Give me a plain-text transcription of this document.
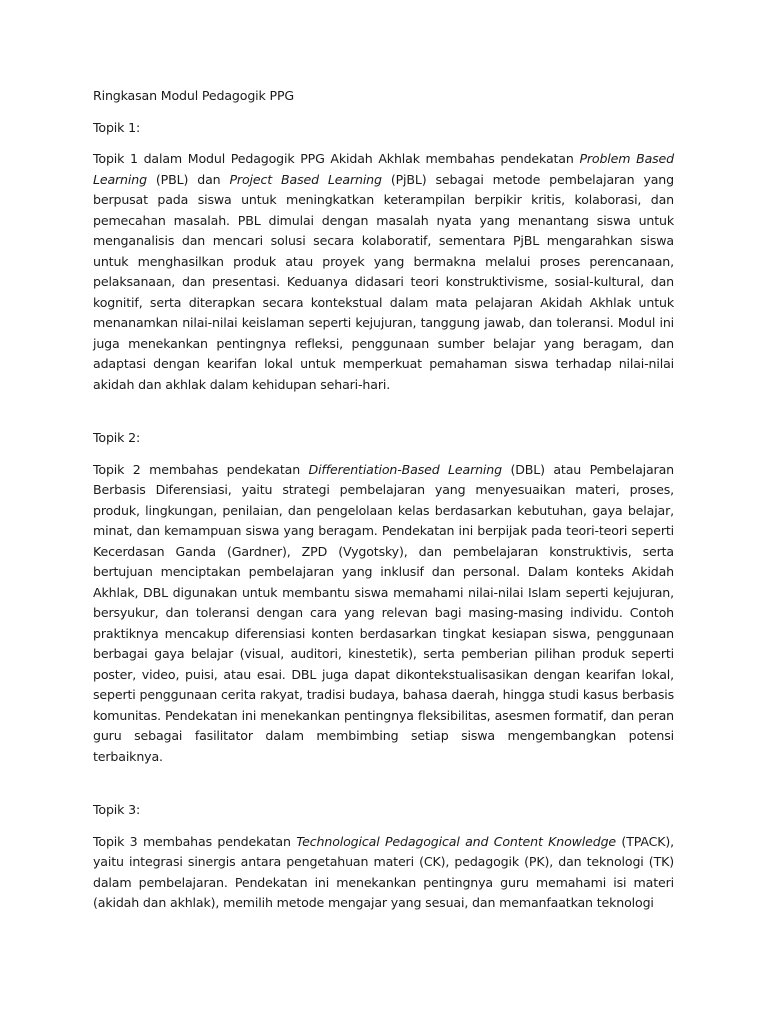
Ringkasan Modul Pedagogik PPG

Topik 1:

Topik 1 dalam Modul Pedagogik PPG Akidah Akhlak membahas pendekatan Problem Based Learning (PBL) dan Project Based Learning (PjBL) sebagai metode pembelajaran yang berpusat pada siswa untuk meningkatkan keterampilan berpikir kritis, kolaborasi, dan pemecahan masalah. PBL dimulai dengan masalah nyata yang menantang siswa untuk menganalisis dan mencari solusi secara kolaboratif, sementara PjBL mengarahkan siswa untuk menghasilkan produk atau proyek yang bermakna melalui proses perencanaan, pelaksanaan, dan presentasi. Keduanya didasari teori konstruktivisme, sosial-kultural, dan kognitif, serta diterapkan secara kontekstual dalam mata pelajaran Akidah Akhlak untuk menanamkan nilai-nilai keislaman seperti kejujuran, tanggung jawab, dan toleransi. Modul ini juga menekankan pentingnya refleksi, penggunaan sumber belajar yang beragam, dan adaptasi dengan kearifan lokal untuk memperkuat pemahaman siswa terhadap nilai-nilai akidah dan akhlak dalam kehidupan sehari-hari.

Topik 2:

Topik 2 membahas pendekatan Differentiation-Based Learning (DBL) atau Pembelajaran Berbasis Diferensiasi, yaitu strategi pembelajaran yang menyesuaikan materi, proses, produk, lingkungan, penilaian, dan pengelolaan kelas berdasarkan kebutuhan, gaya belajar, minat, dan kemampuan siswa yang beragam. Pendekatan ini berpijak pada teori-teori seperti Kecerdasan Ganda (Gardner), ZPD (Vygotsky), dan pembelajaran konstruktivis, serta bertujuan menciptakan pembelajaran yang inklusif dan personal. Dalam konteks Akidah Akhlak, DBL digunakan untuk membantu siswa memahami nilai-nilai Islam seperti kejujuran, bersyukur, dan toleransi dengan cara yang relevan bagi masing-masing individu. Contoh praktiknya mencakup diferensiasi konten berdasarkan tingkat kesiapan siswa, penggunaan berbagai gaya belajar (visual, auditori, kinestetik), serta pemberian pilihan produk seperti poster, video, puisi, atau esai. DBL juga dapat dikontekstualisasikan dengan kearifan lokal, seperti penggunaan cerita rakyat, tradisi budaya, bahasa daerah, hingga studi kasus berbasis komunitas. Pendekatan ini menekankan pentingnya fleksibilitas, asesmen formatif, dan peran guru sebagai fasilitator dalam membimbing setiap siswa mengembangkan potensi terbaiknya.

Topik 3:

Topik 3 membahas pendekatan Technological Pedagogical and Content Knowledge (TPACK), yaitu integrasi sinergis antara pengetahuan materi (CK), pedagogik (PK), dan teknologi (TK) dalam pembelajaran. Pendekatan ini menekankan pentingnya guru memahami isi materi (akidah dan akhlak), memilih metode mengajar yang sesuai, dan memanfaatkan teknologi
